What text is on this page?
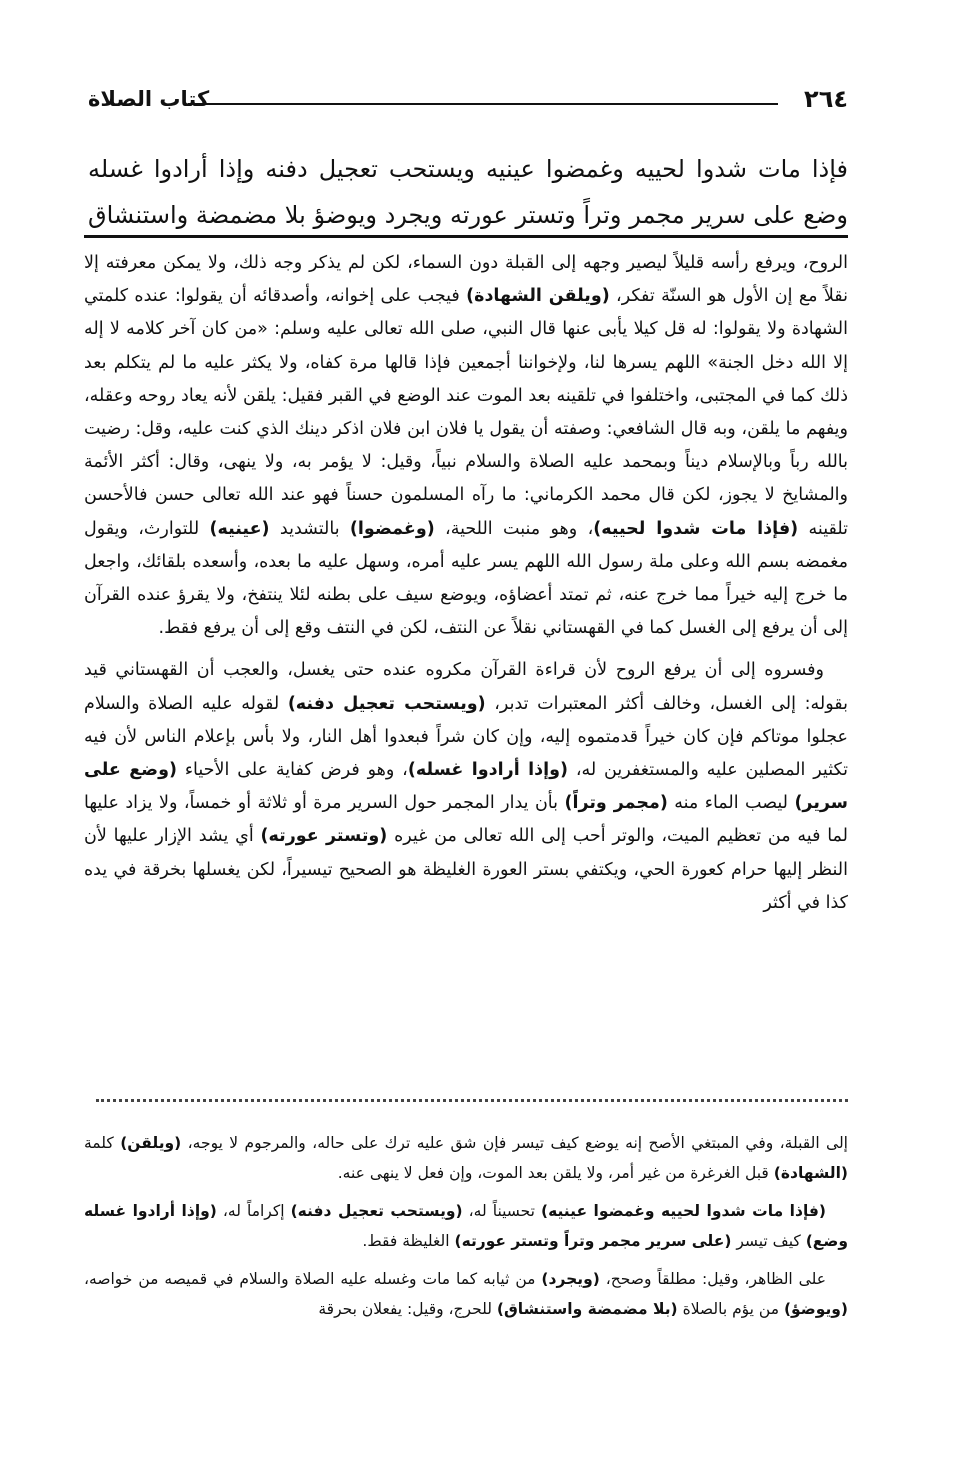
٢٦٤
كتاب الصلاة

فإذا مات شدوا لحييه وغمضوا عينيه ويستحب تعجيل دفنه وإذا أرادوا غسله

وضع على سرير مجمر وتراً وتستر عورته ويجرد ويوضؤ بلا مضمضة واستنشاق

الروح، ويرفع رأسه قليلاً ليصير وجهه إلى القبلة دون السماء، لكن لم يذكر وجه ذلك، ولا يمكن معرفته إلا نقلاً مع إن الأول هو السنّة تفكر، (ويلقن الشهادة) فيجب على إخوانه، وأصدقائه أن يقولوا: عنده كلمتي الشهادة ولا يقولوا: له قل كيلا يأبى عنها قال النبي، صلى الله تعالى عليه وسلم: «من كان آخر كلامه لا إله إلا الله دخل الجنة» اللهم يسرها لنا، ولإخواننا أجمعين فإذا قالها مرة كفاه، ولا يكثر عليه ما لم يتكلم بعد ذلك كما في المجتبى، واختلفوا في تلقينه بعد الموت عند الوضع في القبر فقيل: يلقن لأنه يعاد روحه وعقله، ويفهم ما يلقن، وبه قال الشافعي: وصفته أن يقول يا فلان ابن فلان اذكر دينك الذي كنت عليه، وقل: رضيت بالله رباً وبالإسلام ديناً وبمحمد عليه الصلاة والسلام نبياً، وقيل: لا يؤمر به، ولا ينهى، وقال: أكثر الأئمة والمشايخ لا يجوز، لكن قال محمد الكرماني: ما رآه المسلمون حسناً فهو عند الله تعالى حسن فالأحسن تلقينه (فإذا مات شدوا لحييه)، وهو منبت اللحية، (وغمضوا) بالتشديد (عينيه) للتوارث، ويقول مغمضه بسم الله وعلى ملة رسول الله اللهم يسر عليه أمره، وسهل عليه ما بعده، وأسعده بلقائك، واجعل ما خرج إليه خيراً مما خرج عنه، ثم تمتد أعضاؤه، ويوضع سيف على بطنه لئلا ينتفخ، ولا يقرؤ عنده القرآن إلى أن يرفع إلى الغسل كما في القهستاني نقلاً عن النتف، لكن في النتف وقع إلى أن يرفع فقط.

وفسروه إلى أن يرفع الروح لأن قراءة القرآن مكروه عنده حتى يغسل، والعجب أن القهستاني قيد بقوله: إلى الغسل، وخالف أكثر المعتبرات تدبر، (ويستحب تعجيل دفنه) لقوله عليه الصلاة والسلام عجلوا موتاكم فإن كان خيراً قدمتموه إليه، وإن كان شراً فبعدوا أهل النار، ولا بأس بإعلام الناس لأن فيه تكثير المصلين عليه والمستغفرين له، (وإذا أرادوا غسله)، وهو فرض كفاية على الأحياء (وضع على سرير) ليصب الماء منه (مجمر وتراً) بأن يدار المجمر حول السرير مرة أو ثلاثة أو خمساً، ولا يزاد عليها لما فيه من تعظيم الميت، والوتر أحب إلى الله تعالى من غيره (وتستر عورته) أي يشد الإزار عليها لأن النظر إليها حرام كعورة الحي، ويكتفي بستر العورة الغليظة هو الصحيح تيسيراً، لكن يغسلها بخرقة في يده كذا في أكثر

إلى القبلة، وفي المبتغي الأصح إنه يوضع كيف تيسر فإن شق عليه ترك على حاله، والمرجوم لا يوجه، (ويلقن) كلمة (الشهادة) قبل الغرغرة من غير أمر، ولا يلقن بعد الموت، وإن فعل لا ينهى عنه.

(فإذا مات شدوا لحييه وغمضوا عينيه) تحسيناً له، (ويستحب تعجيل دفنه) إكراماً له، (وإذا أرادوا غسله وضع) كيف تيسر (على سرير مجمر وتراً وتستر عورته) الغليظة فقط.

على الظاهر، وقيل: مطلقاً وصحح، (ويجرد) من ثيابه كما مات وغسله عليه الصلاة والسلام في قميصه من خواصه، (ويوضؤ) من يؤم بالصلاة (بلا مضمضة واستنشاق) للحرج، وقيل: يفعلان بحرقة
